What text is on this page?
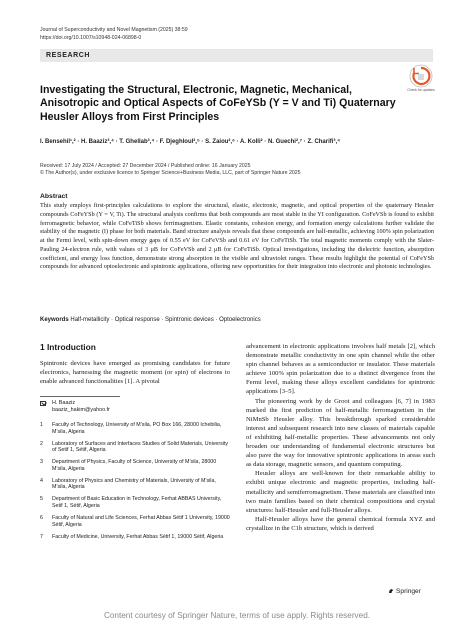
Journal of Superconductivity and Novel Magnetism (2025) 38:59
https://doi.org/10.1007/s10948-024-06898-0
RESEARCH
Check for updates
Investigating the Structural, Electronic, Magnetic, Mechanical, Anisotropic and Optical Aspects of CoFeYSb (Y = V and Ti) Quaternary Heusler Alloys from First Principles
I. Bensehil¹,² · H. Baaziz³,⁴ · T. Ghellab³,⁴ · F. Djeghloul²,⁵ · S. Zaiou²,⁶ · A. Kolli² · N. Guechi²,⁷ · Z. Charifi³,⁴
Received: 17 July 2024 / Accepted: 27 December 2024 / Published online: 16 January 2025
© The Author(s), under exclusive licence to Springer Science+Business Media, LLC, part of Springer Nature 2025
Abstract

This study employs first-principles calculations to explore the structural, elastic, electronic, magnetic, and optical properties of the quaternary Heusler compounds CoFeYSb (Y = V, Ti). The structural analysis confirms that both compounds are most stable in the YI configuration. CoFeVSb is found to exhibit ferromagnetic behavior, while CoFeTiSb shows ferrimagnetism. Elastic constants, cohesion energy, and formation energy calculations further validate the stability of the magnetic (I) phase for both materials. Band structure analysis reveals that these compounds are half-metallic, achieving 100% spin polarization at the Fermi level, with spin-down energy gaps of 0.55 eV for CoFeVSb and 0.61 eV for CoFeTiSb. The total magnetic moments comply with the Slater-Pauling 24-electron rule, with values of 3 μB for CoFeVSb and 2 μB for CoFeTiSb. Optical investigations, including the dielectric function, absorption coefficient, and energy loss function, demonstrate strong absorption in the visible and ultraviolet ranges. These results highlight the potential of CoFeYSb compounds for advanced optoelectronic and spintronic applications, offering new opportunities for their integration into electronic and photonic technologies.

Keywords Half-metallicity · Optical response · Spintronic devices · Optoelectronics
1 Introduction

Spintronic devices have emerged as promising candidates for future electronics, harnessing the magnetic moment (or spin) of electrons to enable advanced functionalities [1]. A pivotal

advancement in electronic applications involves half metals [2], which demonstrate metallic conductivity in one spin channel while the other spin channel behaves as a semiconductor or insulator. These materials achieve 100% spin polarization due to a distinct divergence from the Fermi level, making these alloys excellent candidates for spintronic applications [3–5].

The pioneering work by de Groot and colleagues [6, 7] in 1983 marked the first prediction of half-metallic ferromagnetism in the NiMnSb Heusler alloy. This breakthrough sparked considerable interest and subsequent research into new classes of materials capable of exhibiting half-metallic properties. These advancements not only broaden our understanding of fundamental electronic structures but also pave the way for innovative spintronic applications in areas such as data storage, magnetic sensors, and quantum computing.

Heusler alloys are well-known for their remarkable ability to exhibit unique electronic and magnetic properties, including half-metallicity and semiferromagnetism. These materials are classified into two main families based on their chemical compositions and crystal structures: half-Heusler and full-Heusler alloys.

Half-Heusler alloys have the general chemical formula XYZ and crystallize in the C1b structure, which is derived

H. Baaziz
baaziz_hakim@yahoo.fr
1 Faculty of Technology, University of M’sila, PO Box 166, 28000 Ichebilia, M’sila, Algeria
2 Laboratory of Surfaces and Interfaces Studies of Solid Materials, University of Setif 1, Sétif, Algeria
3 Department of Physics, Faculty of Science, University of M’sila, 28000 M’sila, Algeria
4 Laboratory of Physics and Chemistry of Materials, University of M’sila, M’sila, Algeria
5 Department of Basic Education in Technology, Ferhat ABBAS University, Setif 1, Sétif, Algeria
6 Faculty of Natural and Life Sciences, Ferhat Abbas Sétif 1 University, 19000 Sétif, Algeria
7 Faculty of Medicine, University, Ferhat Abbas Sétif 1, 19000 Sétif, Algeria
Springer
Content courtesy of Springer Nature, terms of use apply. Rights reserved.
